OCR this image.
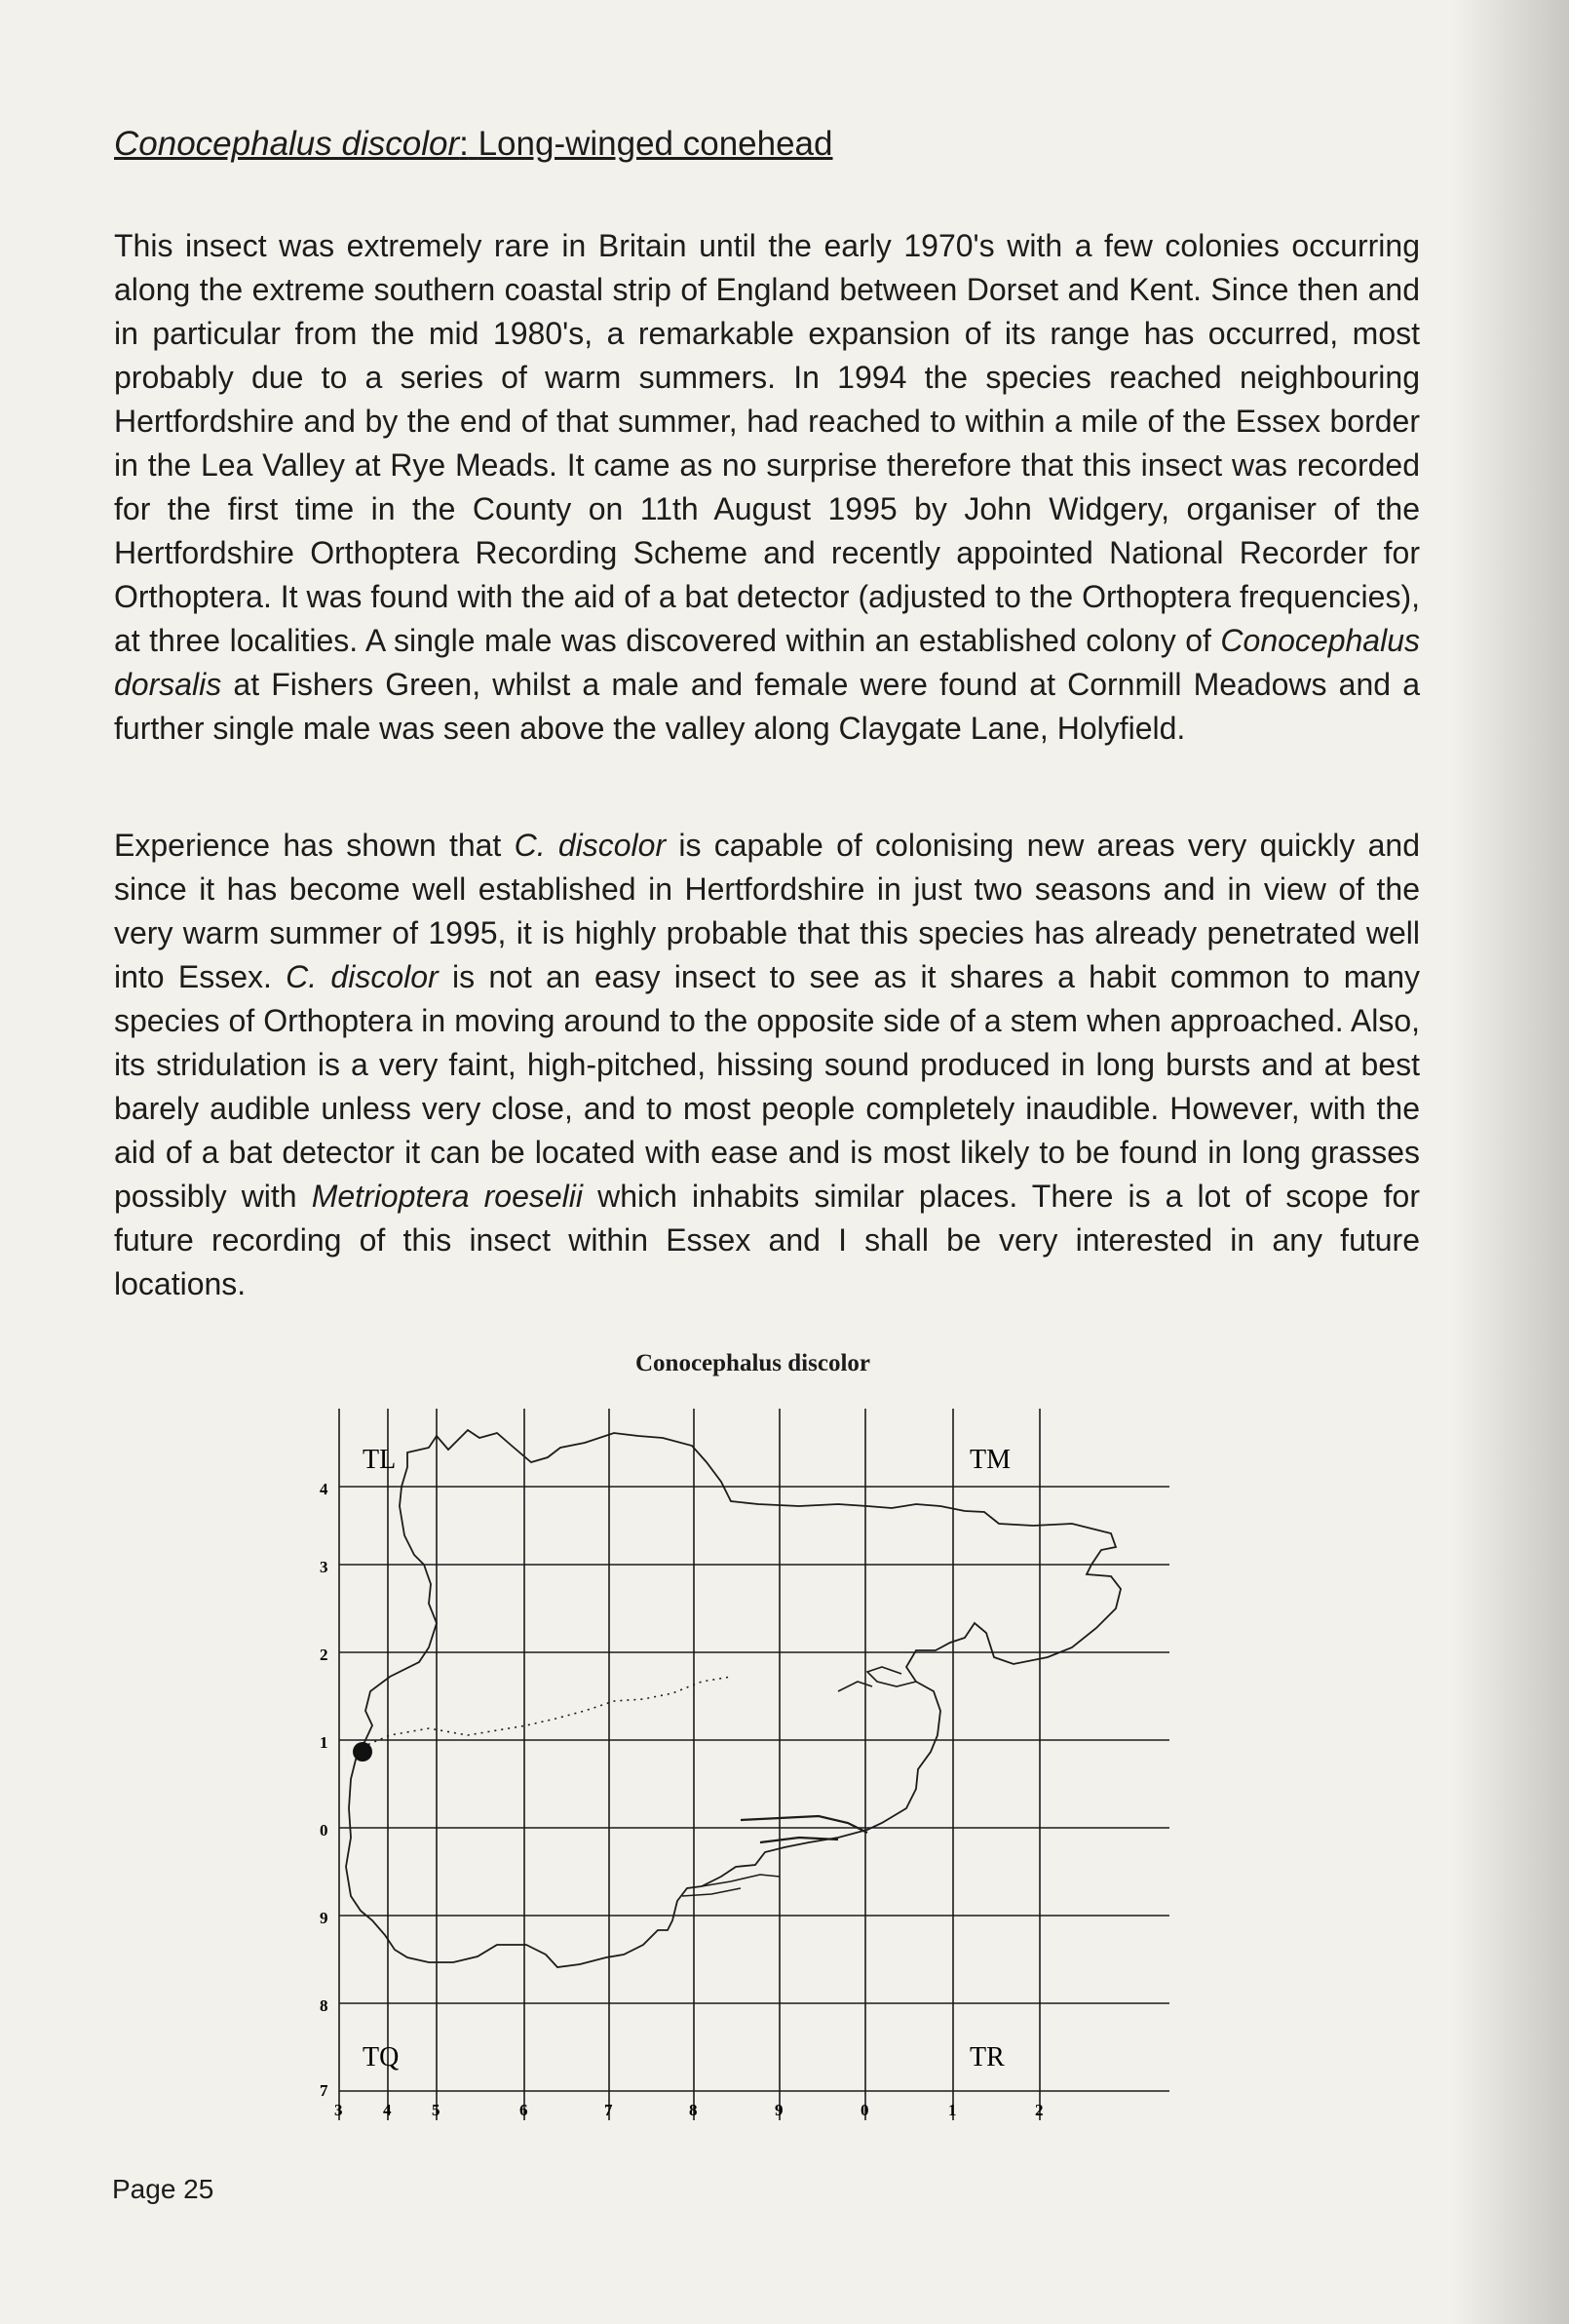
Conocephalus discolor: Long-winged conehead

This insect was extremely rare in Britain until the early 1970's with a few colonies occurring along the extreme southern coastal strip of England between Dorset and Kent. Since then and in particular from the mid 1980's, a remarkable expansion of its range has occurred, most probably due to a series of warm summers. In 1994 the species reached neighbouring Hertfordshire and by the end of that summer, had reached to within a mile of the Essex border in the Lea Valley at Rye Meads. It came as no surprise therefore that this insect was recorded for the first time in the County on 11th August 1995 by John Widgery, organiser of the Hertfordshire Orthoptera Recording Scheme and recently appointed National Recorder for Orthoptera. It was found with the aid of a bat detector (adjusted to the Orthoptera frequencies), at three localities. A single male was discovered within an established colony of Conocephalus dorsalis at Fishers Green, whilst a male and female were found at Cornmill Meadows and a further single male was seen above the valley along Claygate Lane, Holyfield.

Experience has shown that C. discolor is capable of colonising new areas very quickly and since it has become well established in Hertfordshire in just two seasons and in view of the very warm summer of 1995, it is highly probable that this species has already penetrated well into Essex. C. discolor is not an easy insect to see as it shares a habit common to many species of Orthoptera in moving around to the opposite side of a stem when approached. Also, its stridulation is a very faint, high-pitched, hissing sound produced in long bursts and at best barely audible unless very close, and to most people completely inaudible. However, with the aid of a bat detector it can be located with ease and is most likely to be found in long grasses possibly with Metrioptera roeselii which inhabits similar places. There is a lot of scope for future recording of this insect within Essex and I shall be very interested in any future locations.

Conocephalus discolor
3 4 5	6	7	8	9	0	1	2
4
3
2
1
0
9
8
7
TL	TM
TQ	TR
Page 25
